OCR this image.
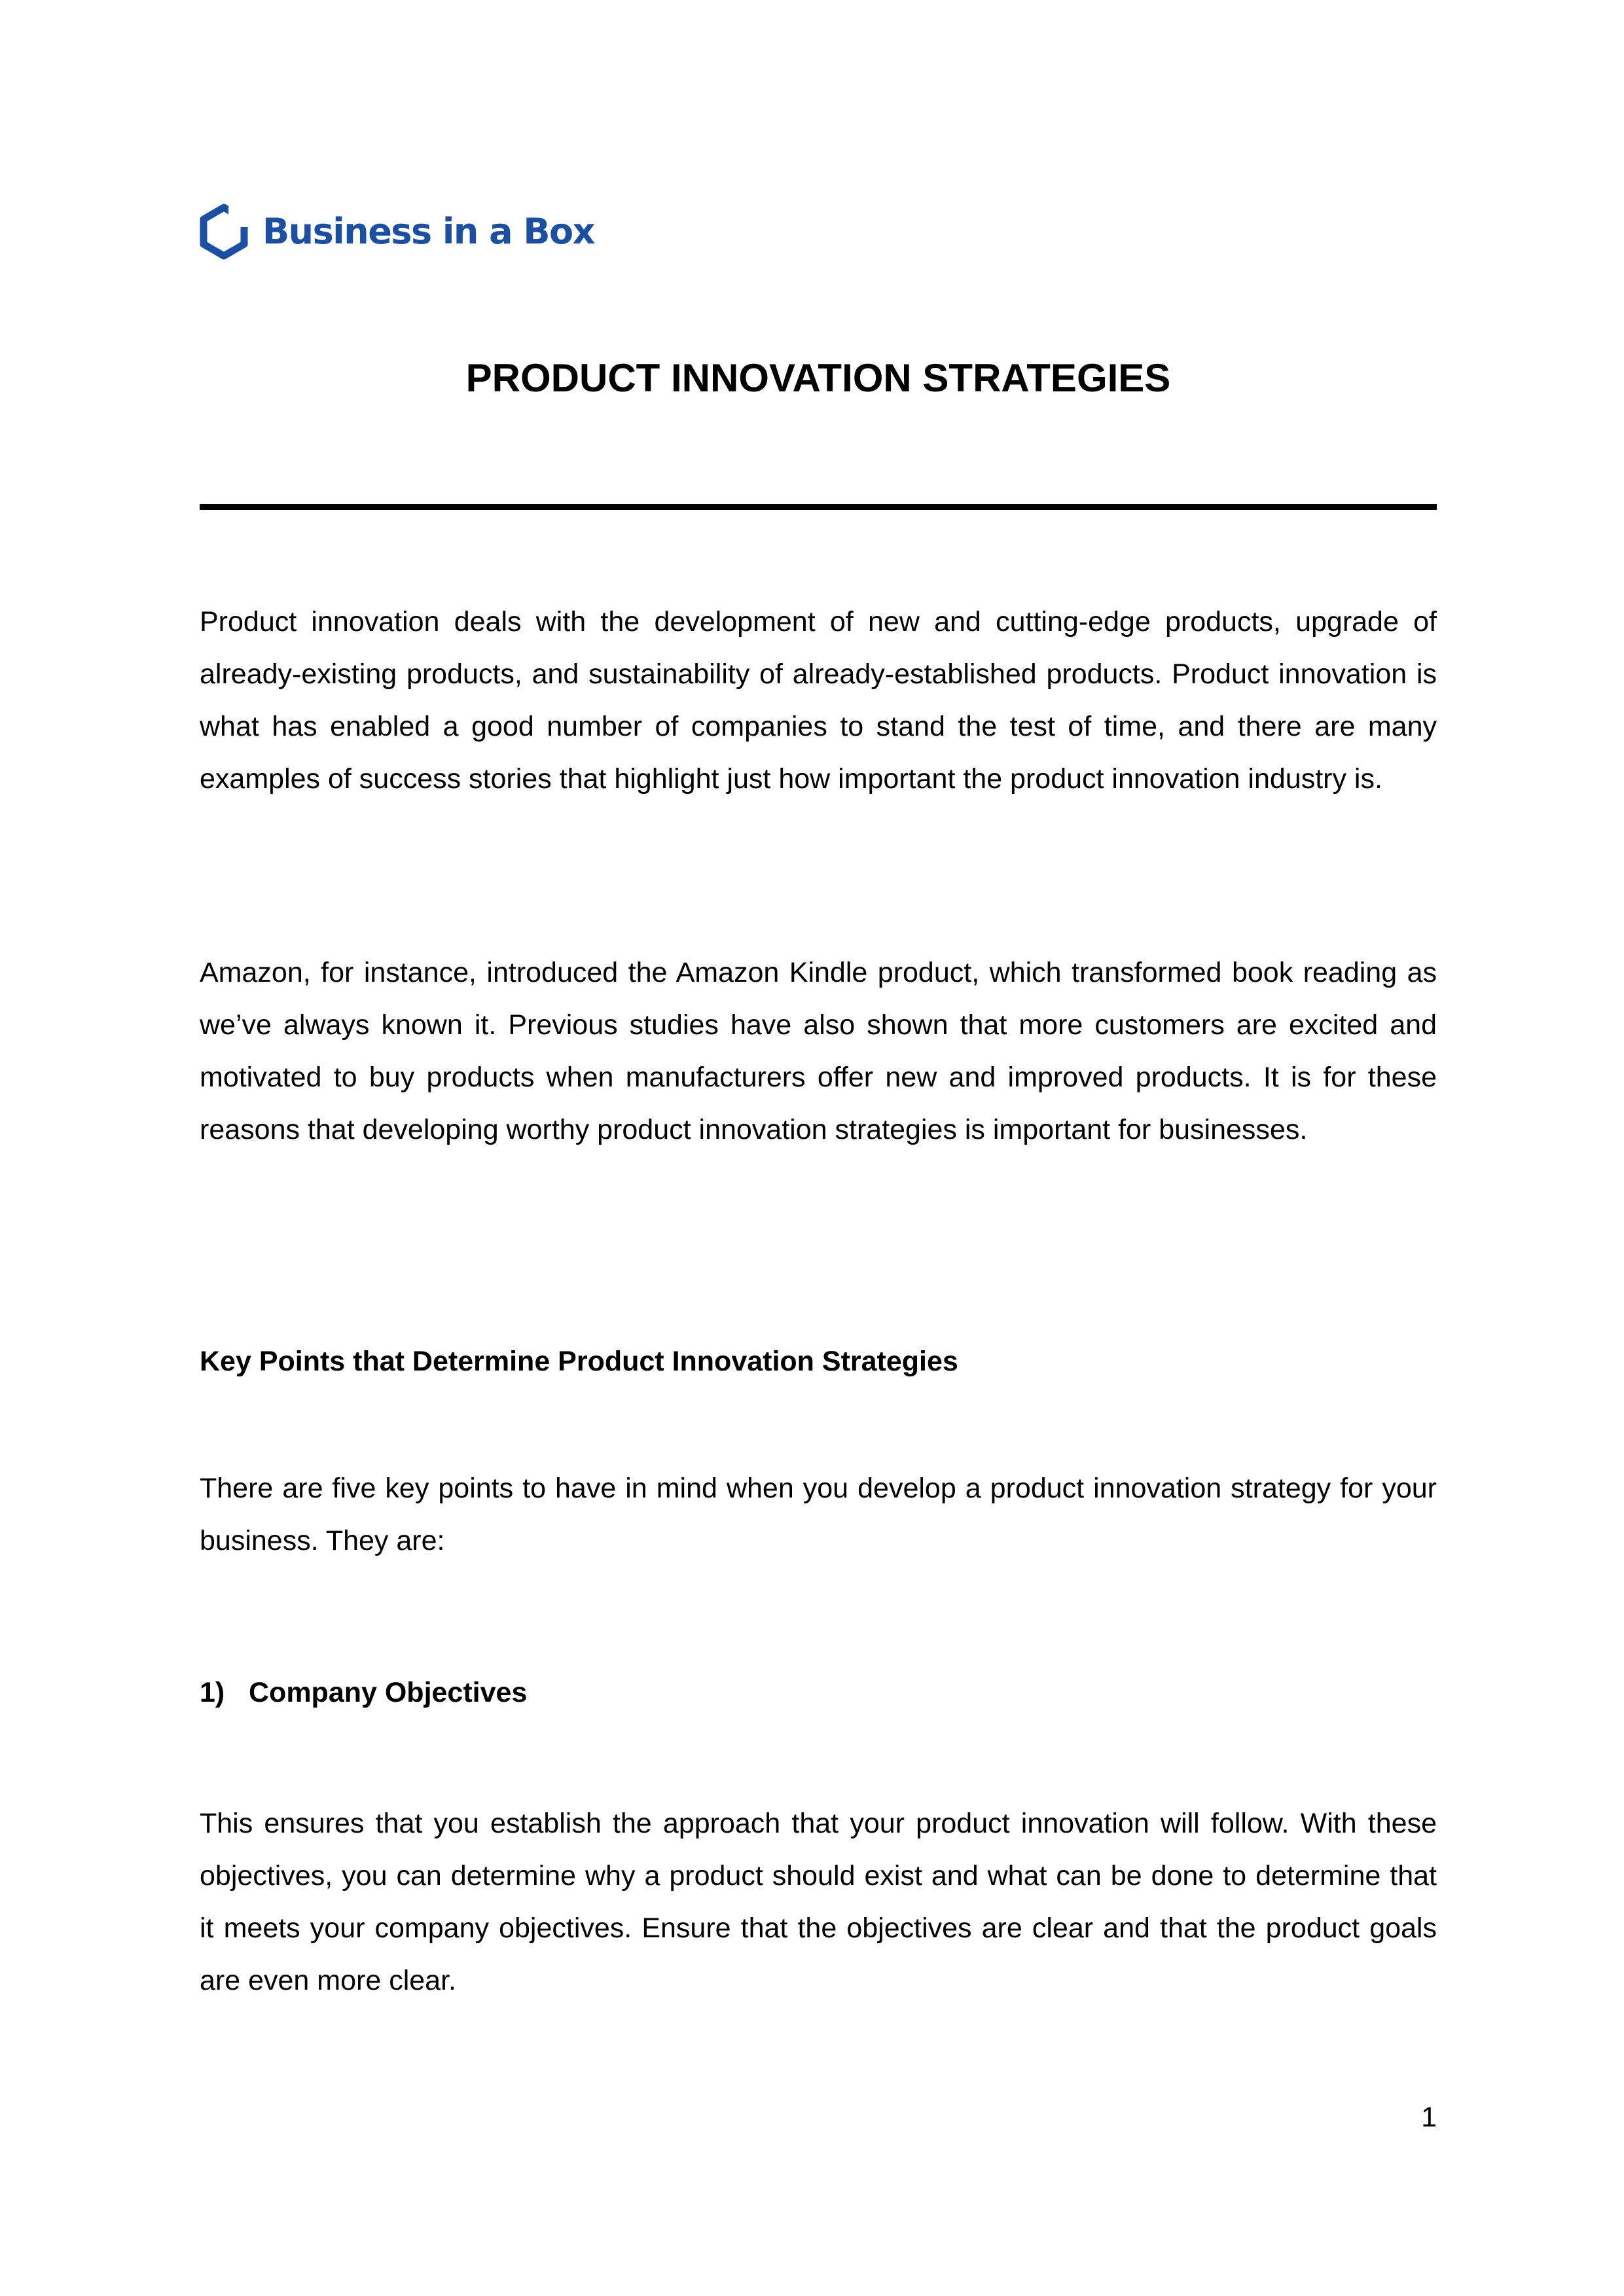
Business in a Box
PRODUCT INNOVATION STRATEGIES

Product innovation deals with the development of new and cutting-edge products, upgrade of already-existing products, and sustainability of already-established products. Product innovation is what has enabled a good number of companies to stand the test of time, and there are many examples of success stories that highlight just how important the product innovation industry is.

Amazon, for instance, introduced the Amazon Kindle product, which transformed book reading as we’ve always known it. Previous studies have also shown that more customers are excited and motivated to buy products when manufacturers offer new and improved products. It is for these reasons that developing worthy product innovation strategies is important for businesses.

Key Points that Determine Product Innovation Strategies

There are five key points to have in mind when you develop a product innovation strategy for your business. They are:

1) Company Objectives

This ensures that you establish the approach that your product innovation will follow. With these objectives, you can determine why a product should exist and what can be done to determine that it meets your company objectives. Ensure that the objectives are clear and that the product goals are even more clear.

1
